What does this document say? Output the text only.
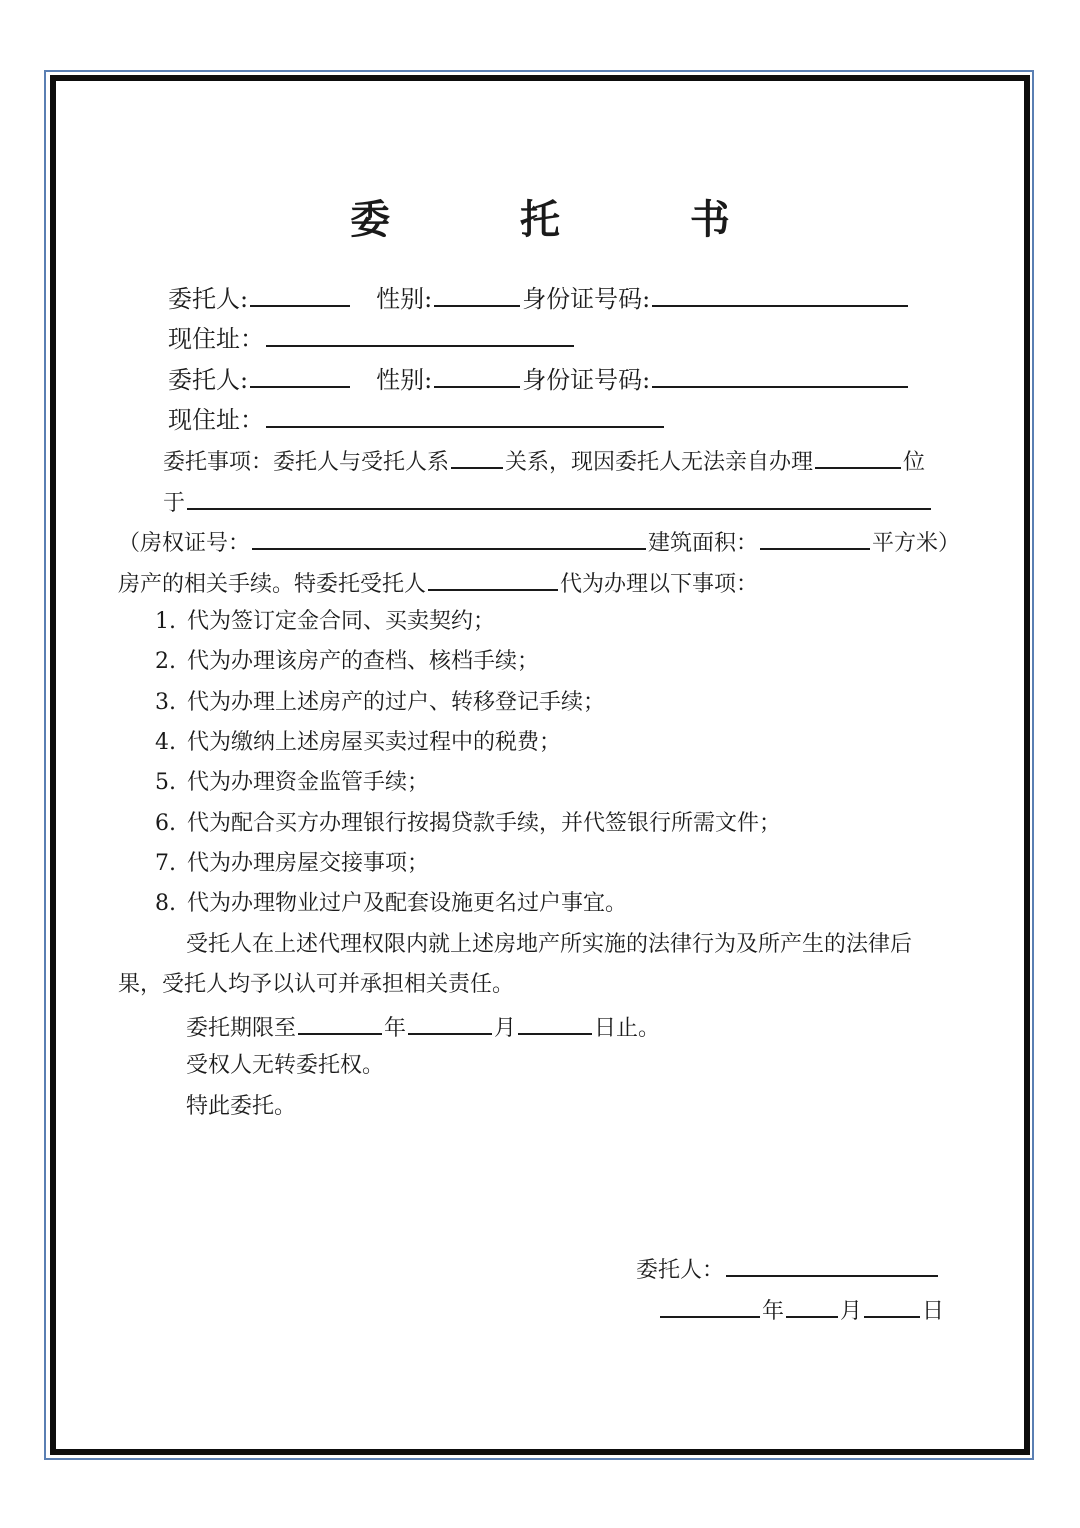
委 托 书
委托人:	性别:	身份证号码:
现住址：
委托人:	性别:	身份证号码:
现住址：
委托事项：委托人与受托人系	关系，现因委托人无法亲自办理	位
于
（房权证号：	建筑面积：	平方米）
房产的相关手续。特委托受托人	代为办理以下事项：
1. 代为签订定金合同、买卖契约；
2. 代为办理该房产的查档、核档手续；
3. 代为办理上述房产的过户、转移登记手续；
4. 代为缴纳上述房屋买卖过程中的税费；
5. 代为办理资金监管手续；
6. 代为配合买方办理银行按揭贷款手续，并代签银行所需文件；
7. 代为办理房屋交接事项；
8. 代为办理物业过户及配套设施更名过户事宜。
受托人在上述代理权限内就上述房地产所实施的法律行为及所产生的法律后
果，受托人均予以认可并承担相关责任。
委托期限至	年	月	日止。
受权人无转委托权。
特此委托。
委托人：
年	月	日
